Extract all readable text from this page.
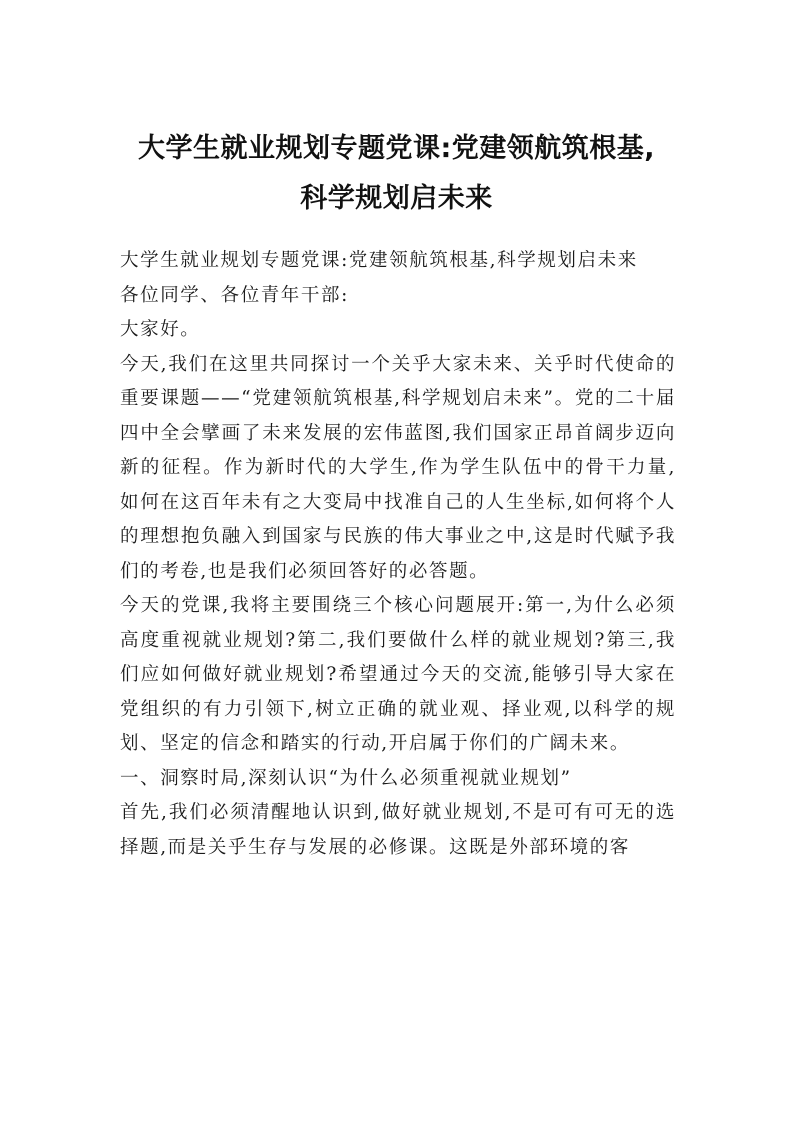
大学生就业规划专题党课:党建领航筑根基,
科学规划启未来

大学生就业规划专题党课:党建领航筑根基,科学规划启未来

各位同学、各位青年干部:

大家好。

今天,我们在这里共同探讨一个关乎大家未来、关乎时代使命的重要课题——“党建领航筑根基,科学规划启未来”。党的二十届四中全会擘画了未来发展的宏伟蓝图,我们国家正昂首阔步迈向新的征程。作为新时代的大学生,作为学生队伍中的骨干力量,如何在这百年未有之大变局中找准自己的人生坐标,如何将个人的理想抱负融入到国家与民族的伟大事业之中,这是时代赋予我们的考卷,也是我们必须回答好的必答题。

今天的党课,我将主要围绕三个核心问题展开:第一,为什么必须高度重视就业规划?第二,我们要做什么样的就业规划?第三,我们应如何做好就业规划?希望通过今天的交流,能够引导大家在党组织的有力引领下,树立正确的就业观、择业观,以科学的规划、坚定的信念和踏实的行动,开启属于你们的广阔未来。

一、洞察时局,深刻认识“为什么必须重视就业规划”

首先,我们必须清醒地认识到,做好就业规划,不是可有可无的选择题,而是关乎生存与发展的必修课。这既是外部环境的客
